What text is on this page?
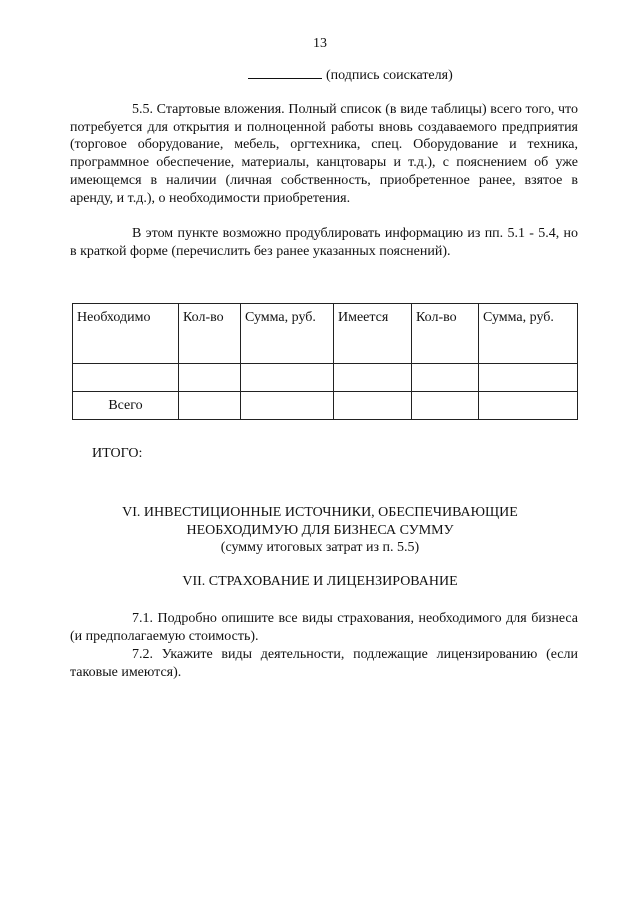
13
(подпись соискателя)

5.5. Стартовые вложения. Полный список (в виде таблицы) всего того, что потребуется для открытия и полноценной работы вновь создаваемого предприятия (торговое оборудование, мебель, оргтехника, спец. Оборудование и техника, программное обеспечение, материалы, канцтовары и т.д.), с пояснением об уже имеющемся в наличии (личная собственность, приобретенное ранее, взятое в аренду, и т.д.), о необходимости приобретения.

В этом пункте возможно продублировать информацию из пп. 5.1 - 5.4, но в краткой форме (перечислить без ранее указанных пояснений).

Необходимо	Кол-во	Сумма, руб.	Имеется	Кол-во	Сумма, руб.

Всего					
ИТОГО:
VI. ИНВЕСТИЦИОННЫЕ ИСТОЧНИКИ, ОБЕСПЕЧИВАЮЩИЕ
НЕОБХОДИМУЮ ДЛЯ БИЗНЕСА СУММУ
(сумму итоговых затрат из п. 5.5)
VII. СТРАХОВАНИЕ И ЛИЦЕНЗИРОВАНИЕ

7.1. Подробно опишите все виды страхования, необходимого для бизнеса (и предполагаемую стоимость).

7.2. Укажите виды деятельности, подлежащие лицензированию (если таковые имеются).
